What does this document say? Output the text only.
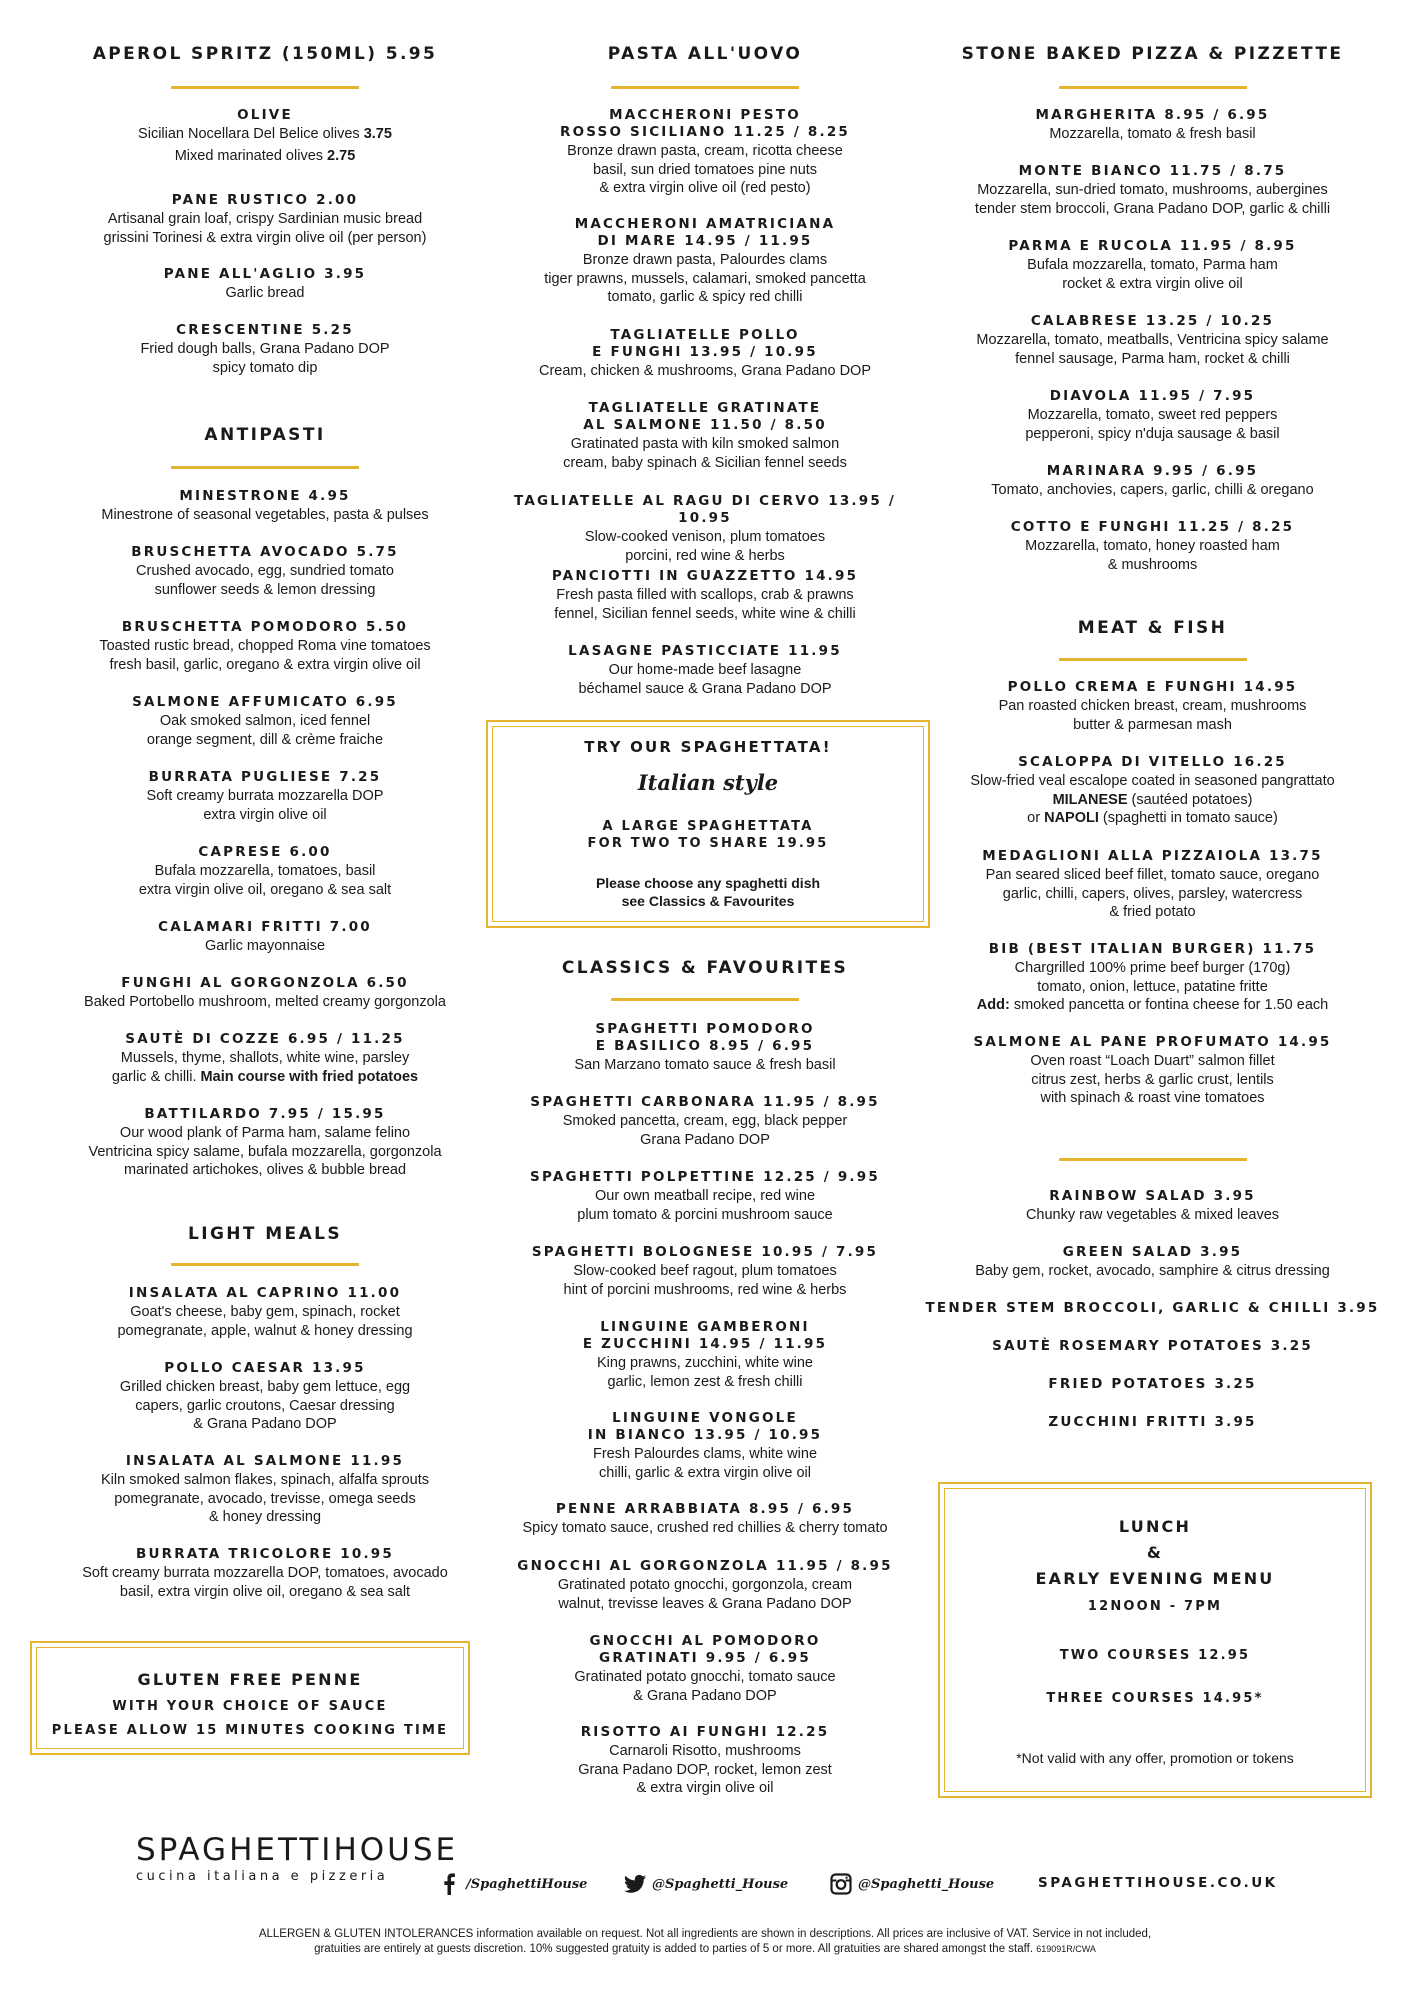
APEROL SPRITZ (150ML) 5.95
OLIVE
Sicilian Nocellara Del Belice olives 3.75
Mixed marinated olives 2.75
PANE RUSTICO 2.00
Artisanal grain loaf, crispy Sardinian music bread
grissini Torinesi & extra virgin olive oil (per person)
PANE ALL'AGLIO 3.95
Garlic bread
CRESCENTINE 5.25
Fried dough balls, Grana Padano DOP
spicy tomato dip
ANTIPASTI
MINESTRONE 4.95
Minestrone of seasonal vegetables, pasta & pulses
BRUSCHETTA AVOCADO 5.75
Crushed avocado, egg, sundried tomato
sunflower seeds & lemon dressing
BRUSCHETTA POMODORO 5.50
Toasted rustic bread, chopped Roma vine tomatoes
fresh basil, garlic, oregano & extra virgin olive oil
SALMONE AFFUMICATO 6.95
Oak smoked salmon, iced fennel
orange segment, dill & crème fraiche
BURRATA PUGLIESE 7.25
Soft creamy burrata mozzarella DOP
extra virgin olive oil
CAPRESE 6.00
Bufala mozzarella, tomatoes, basil
extra virgin olive oil, oregano & sea salt
CALAMARI FRITTI 7.00
Garlic mayonnaise
FUNGHI AL GORGONZOLA 6.50
Baked Portobello mushroom, melted creamy gorgonzola
SAUTÈ DI COZZE 6.95 / 11.25
Mussels, thyme, shallots, white wine, parsley
garlic & chilli. Main course with fried potatoes
BATTILARDO 7.95 / 15.95
Our wood plank of Parma ham, salame felino
Ventricina spicy salame, bufala mozzarella, gorgonzola
marinated artichokes, olives & bubble bread
LIGHT MEALS
INSALATA AL CAPRINO 11.00
Goat's cheese, baby gem, spinach, rocket
pomegranate, apple, walnut & honey dressing
POLLO CAESAR 13.95
Grilled chicken breast, baby gem lettuce, egg
capers, garlic croutons, Caesar dressing
& Grana Padano DOP
INSALATA AL SALMONE 11.95
Kiln smoked salmon flakes, spinach, alfalfa sprouts
pomegranate, avocado, trevisse, omega seeds
& honey dressing
BURRATA TRICOLORE 10.95
Soft creamy burrata mozzarella DOP, tomatoes, avocado
basil, extra virgin olive oil, oregano & sea salt
GLUTEN FREE PENNE
WITH YOUR CHOICE OF SAUCE
PLEASE ALLOW 15 MINUTES COOKING TIME
PASTA ALL'UOVO
MACCHERONI PESTO
ROSSO SICILIANO 11.25 / 8.25
Bronze drawn pasta, cream, ricotta cheese
basil, sun dried tomatoes pine nuts
& extra virgin olive oil (red pesto)
MACCHERONI AMATRICIANA
DI MARE 14.95 / 11.95
Bronze drawn pasta, Palourdes clams
tiger prawns, mussels, calamari, smoked pancetta
tomato, garlic & spicy red chilli
TAGLIATELLE POLLO
E FUNGHI 13.95 / 10.95
Cream, chicken & mushrooms, Grana Padano DOP
TAGLIATELLE GRATINATE
AL SALMONE 11.50 / 8.50
Gratinated pasta with kiln smoked salmon
cream, baby spinach & Sicilian fennel seeds
TAGLIATELLE AL RAGU DI CERVO 13.95 / 10.95
Slow-cooked venison, plum tomatoes
porcini, red wine & herbs
PANCIOTTI IN GUAZZETTO 14.95
Fresh pasta filled with scallops, crab & prawns
fennel, Sicilian fennel seeds, white wine & chilli
LASAGNE PASTICCIATE 11.95
Our home-made beef lasagne
béchamel sauce & Grana Padano DOP
CLASSICS & FAVOURITES
SPAGHETTI POMODORO
E BASILICO 8.95 / 6.95
San Marzano tomato sauce & fresh basil
SPAGHETTI CARBONARA 11.95 / 8.95
Smoked pancetta, cream, egg, black pepper
Grana Padano DOP
SPAGHETTI POLPETTINE 12.25 / 9.95
Our own meatball recipe, red wine
plum tomato & porcini mushroom sauce
SPAGHETTI BOLOGNESE 10.95 / 7.95
Slow-cooked beef ragout, plum tomatoes
hint of porcini mushrooms, red wine & herbs
LINGUINE GAMBERONI
E ZUCCHINI 14.95 / 11.95
King prawns, zucchini, white wine
garlic, lemon zest & fresh chilli
LINGUINE VONGOLE
IN BIANCO 13.95 / 10.95
Fresh Palourdes clams, white wine
chilli, garlic & extra virgin olive oil
PENNE ARRABBIATA 8.95 / 6.95
Spicy tomato sauce, crushed red chillies & cherry tomato
GNOCCHI AL GORGONZOLA 11.95 / 8.95
Gratinated potato gnocchi, gorgonzola, cream
walnut, trevisse leaves & Grana Padano DOP
GNOCCHI AL POMODORO
GRATINATI 9.95 / 6.95
Gratinated potato gnocchi, tomato sauce
& Grana Padano DOP
RISOTTO AI FUNGHI 12.25
Carnaroli Risotto, mushrooms
Grana Padano DOP, rocket, lemon zest
& extra virgin olive oil
TRY OUR SPAGHETTATA!
Italian style
A LARGE SPAGHETTATA
FOR TWO TO SHARE 19.95
Please choose any spaghetti dish
see Classics & Favourites
STONE BAKED PIZZA & PIZZETTE
MARGHERITA 8.95 / 6.95
Mozzarella, tomato & fresh basil
MONTE BIANCO 11.75 / 8.75
Mozzarella, sun-dried tomato, mushrooms, aubergines
tender stem broccoli, Grana Padano DOP, garlic & chilli
PARMA E RUCOLA 11.95 / 8.95
Bufala mozzarella, tomato, Parma ham
rocket & extra virgin olive oil
CALABRESE 13.25 / 10.25
Mozzarella, tomato, meatballs, Ventricina spicy salame
fennel sausage, Parma ham, rocket & chilli
DIAVOLA 11.95 / 7.95
Mozzarella, tomato, sweet red peppers
pepperoni, spicy n'duja sausage & basil
MARINARA 9.95 / 6.95
Tomato, anchovies, capers, garlic, chilli & oregano
COTTO E FUNGHI 11.25 / 8.25
Mozzarella, tomato, honey roasted ham
& mushrooms
MEAT & FISH
POLLO CREMA E FUNGHI 14.95
Pan roasted chicken breast, cream, mushrooms
butter & parmesan mash
SCALOPPA DI VITELLO 16.25
Slow-fried veal escalope coated in seasoned pangrattato
MILANESE (sautéed potatoes)
or NAPOLI (spaghetti in tomato sauce)
MEDAGLIONI ALLA PIZZAIOLA 13.75
Pan seared sliced beef fillet, tomato sauce, oregano
garlic, chilli, capers, olives, parsley, watercress
& fried potato
BIB (BEST ITALIAN BURGER) 11.75
Chargrilled 100% prime beef burger (170g)
tomato, onion, lettuce, patatine fritte
Add: smoked pancetta or fontina cheese for 1.50 each
SALMONE AL PANE PROFUMATO 14.95
Oven roast “Loach Duart” salmon fillet
citrus zest, herbs & garlic crust, lentils
with spinach & roast vine tomatoes
RAINBOW SALAD 3.95
Chunky raw vegetables & mixed leaves
GREEN SALAD 3.95
Baby gem, rocket, avocado, samphire & citrus dressing
TENDER STEM BROCCOLI, GARLIC & CHILLI 3.95
SAUTÈ ROSEMARY POTATOES 3.25
FRIED POTATOES 3.25
ZUCCHINI FRITTI 3.95
LUNCH
&
EARLY EVENING MENU
12NOON - 7PM
TWO COURSES 12.95
THREE COURSES 14.95*
*Not valid with any offer, promotion or tokens
SPAGHETTIHOUSE
cucina italiana e pizzeria	/SpaghettiHouse	@Spaghetti_House	@Spaghetti_House	SPAGHETTIHOUSE.CO.UK
ALLERGEN & GLUTEN INTOLERANCES information available on request. Not all ingredients are shown in descriptions. All prices are inclusive of VAT. Service in not included,
gratuities are entirely at guests discretion. 10% suggested gratuity is added to parties of 5 or more. All gratuities are shared amongst the staff. 619091R/CWA
